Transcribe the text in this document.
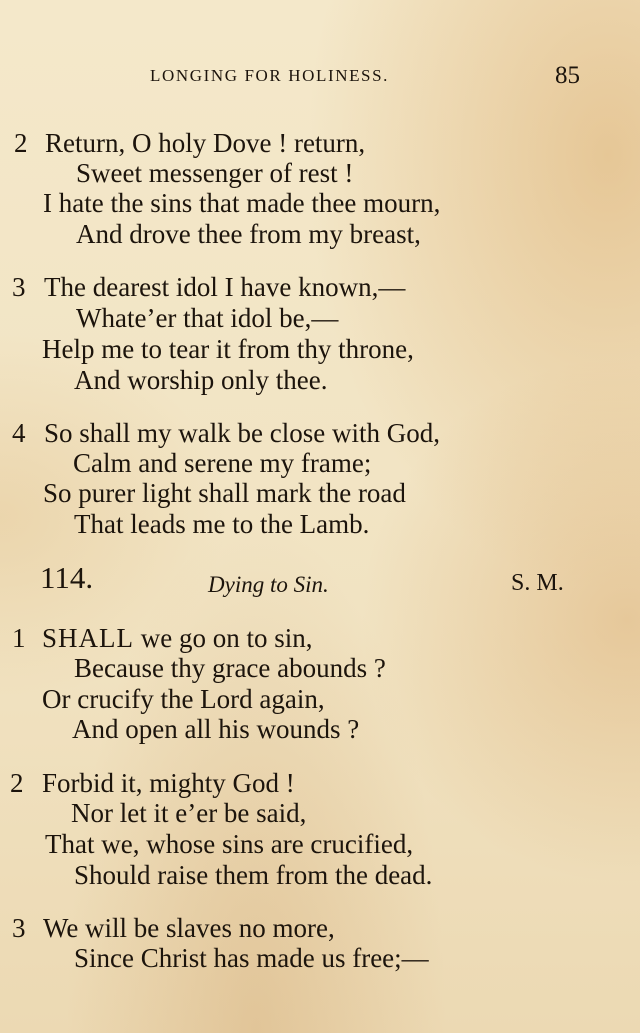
LONGING FOR HOLINESS.	85
2 Return, O holy Dove ! return,
Sweet messenger of rest !
I hate the sins that made thee mourn,
And drove thee from my breast,
3 The dearest idol I have known,—
Whate’er that idol be,—
Help me to tear it from thy throne,
And worship only thee.
4 So shall my walk be close with God,
Calm and serene my frame;
So purer light shall mark the road
That leads me to the Lamb.
114.	Dying to Sin.	S. M.
1 SHALL we go on to sin,
Because thy grace abounds ?
Or crucify the Lord again,
And open all his wounds ?
2 Forbid it, mighty God !
Nor let it e’er be said,
That we, whose sins are crucified,
Should raise them from the dead.
3 We will be slaves no more,
Since Christ has made us free;—
